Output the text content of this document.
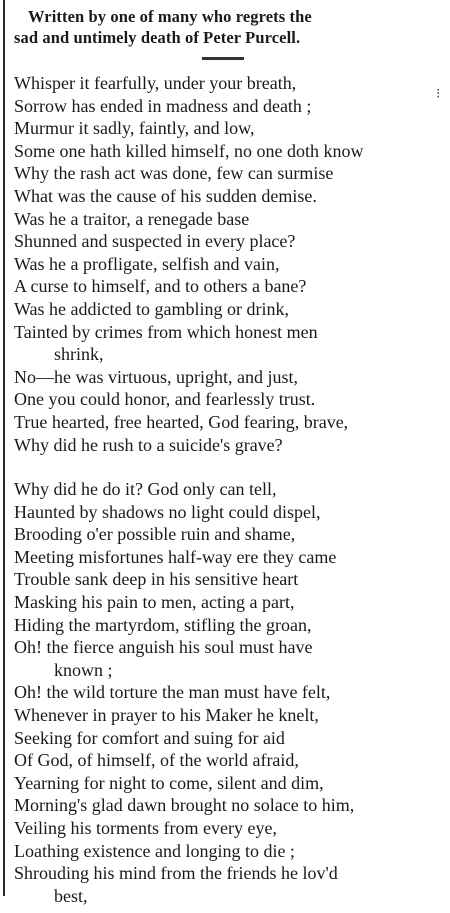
Written by one of many who regrets the
sad and untimely death of Peter Purcell.

Whisper it fearfully, under your breath,
Sorrow has ended in madness and death ;
Murmur it sadly, faintly, and low,
Some one hath killed himself, no one doth know
Why the rash act was done, few can surmise
What was the cause of his sudden demise.
Was he a traitor, a renegade base
Shunned and suspected in every place?
Was he a profligate, selfish and vain,
A curse to himself, and to others a bane?
Was he addicted to gambling or drink,
Tainted by crimes from which honest men
shrink,
No—he was virtuous, upright, and just,
One you could honor, and fearlessly trust.
True hearted, free hearted, God fearing, brave,
Why did he rush to a suicide's grave?
Why did he do it? God only can tell,
Haunted by shadows no light could dispel,
Brooding o'er possible ruin and shame,
Meeting misfortunes half-way ere they came
Trouble sank deep in his sensitive heart
Masking his pain to men, acting a part,
Hiding the martyrdom, stifling the groan,
Oh! the fierce anguish his soul must have
known ;
Oh! the wild torture the man must have felt,
Whenever in prayer to his Maker he knelt,
Seeking for comfort and suing for aid
Of God, of himself, of the world afraid,
Yearning for night to come, silent and dim,
Morning's glad dawn brought no solace to him,
Veiling his torments from every eye,
Loathing existence and longing to die ;
Shrouding his mind from the friends he lov'd
best,
⁝
